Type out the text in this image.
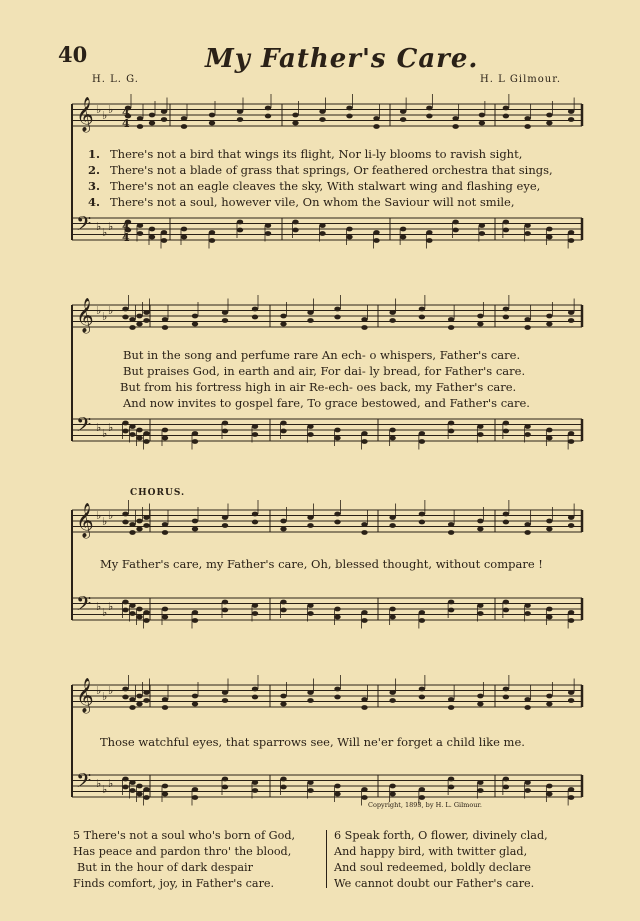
𝄞
𝄢
♭
♭
♭
♭
♭
♭
𝄞
𝄢
♭
♭
♭
♭
♭
♭
𝄞
𝄢
♭
♭
♭
♭
♭
♭
𝄞
𝄢
♭
♭
♭
♭
♭
♭
4
4
4
4
40	My Father's Care.
H. L. G.	H. L Gilmour.
1. There's not a bird that wings its flight, Nor li-ly blooms to ravish sight,
2. There's not a blade of grass that springs, Or feathered orchestra that sings,
3. There's not an eagle cleaves the sky, With stalwart wing and flashing eye,
4. There's not a soul, however vile, On whom the Saviour will not smile,
But in the song and perfume rare An ech- o whispers, Father's care.
But praises God, in earth and air, For dai- ly bread, for Father's care.
But from his fortress high in air Re-ech- oes back, my Father's care.
And now invites to gospel fare, To grace bestowed, and Father's care.
CHORUS.
My Father's care, my Father's care, Oh, blessed thought, without compare !
Those watchful eyes, that sparrows see, Will ne'er forget a child like me.
Copyright, 1893, by H. L. Gilmour.
5 There's not a soul who's born of God,
Has peace and pardon thro' the blood,
But in the hour of dark despair
Finds comfort, joy, in Father's care.
6 Speak forth, O flower, divinely clad,
And happy bird, with twitter glad,
And soul redeemed, boldly declare
We cannot doubt our Father's care.
